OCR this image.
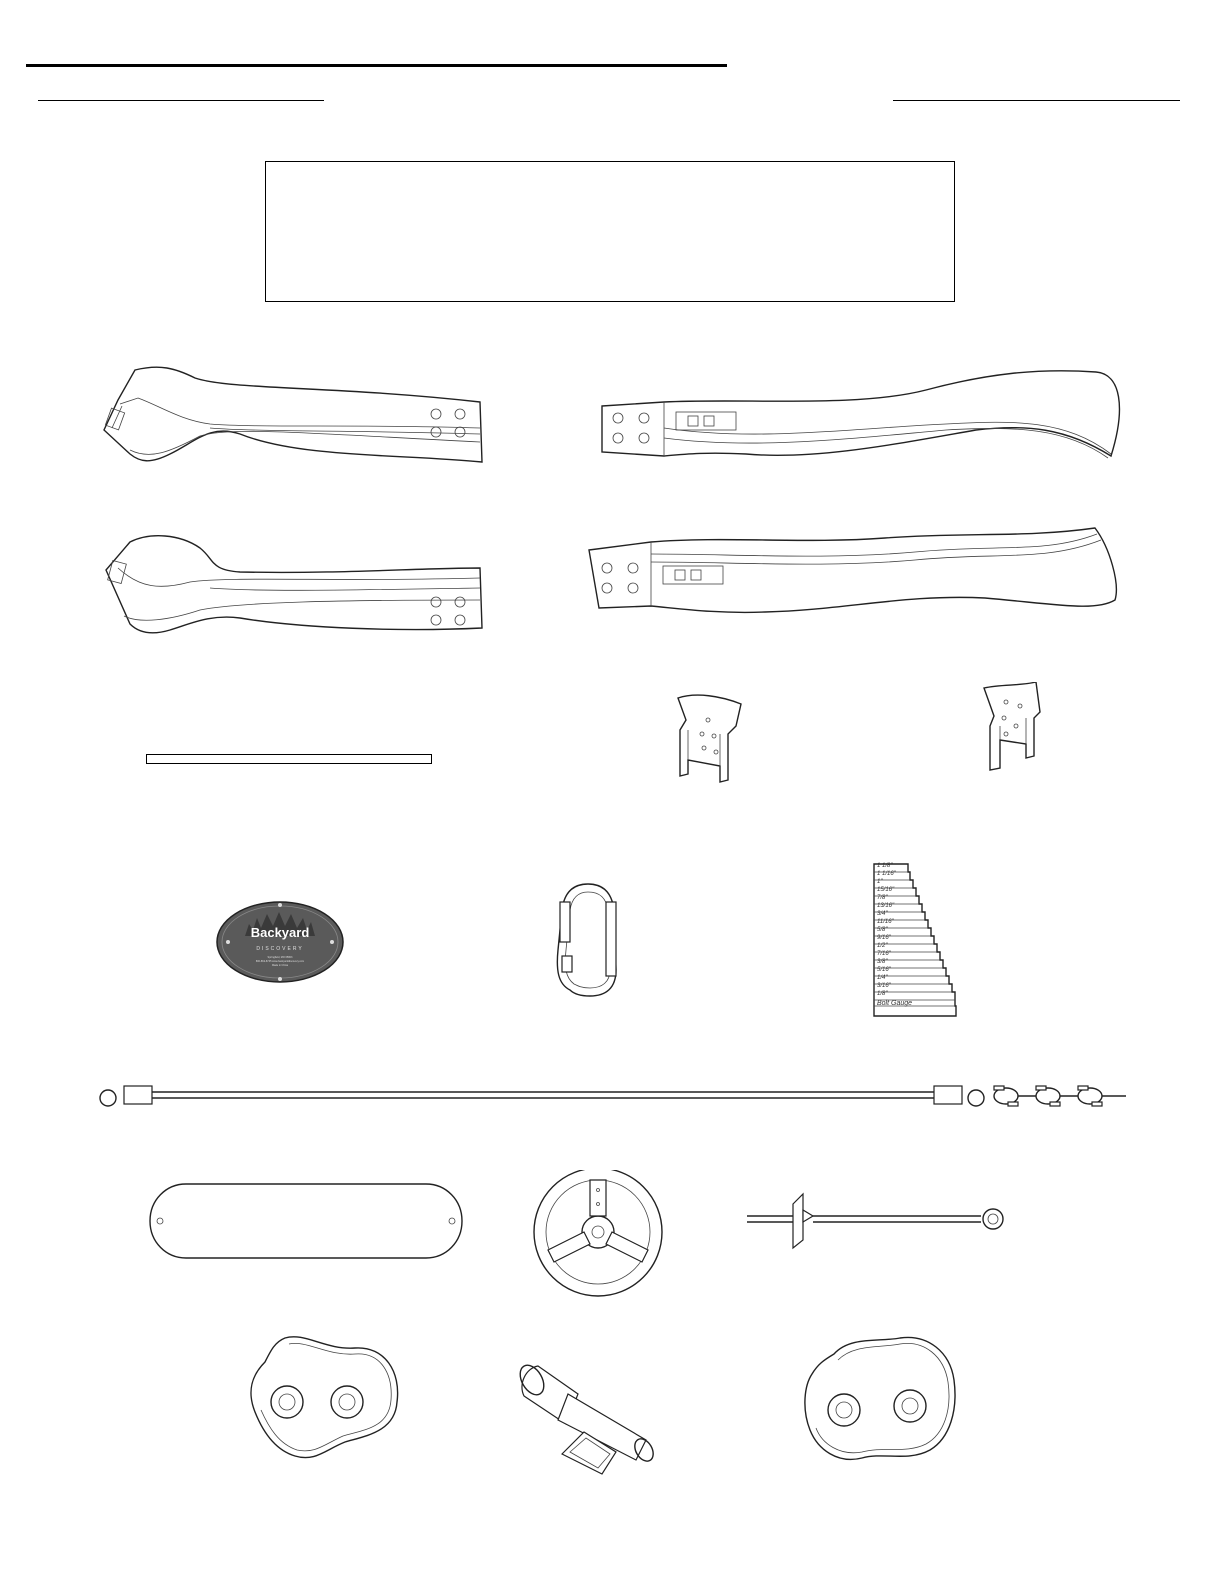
Backyard
DISCOVERY
Springfield, MO 65803
800-862-8745 www.backyarddiscovery.com
Made in China
1 1/8"
1 1/16"
1"
15/16"
7/8"
13/16"
3/4"
11/16"
5/8"
9/16"
1/2"
7/16"
3/8"
5/16"
1/4"
3/16"
1/8"
Bolt Gauge
